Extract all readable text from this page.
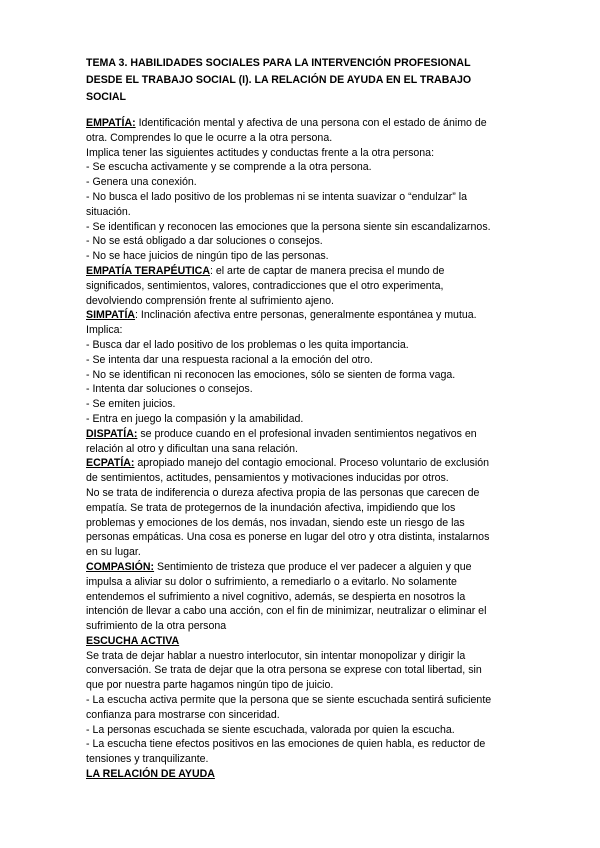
TEMA 3. HABILIDADES SOCIALES PARA LA INTERVENCIÓN PROFESIONAL
DESDE EL TRABAJO SOCIAL (I). LA RELACIÓN DE AYUDA EN EL TRABAJO
SOCIAL
EMPATÍA: Identificación mental y afectiva de una persona con el estado de ánimo de
otra. Comprendes lo que le ocurre a la otra persona.
Implica tener las siguientes actitudes y conductas frente a la otra persona:
- Se escucha activamente y se comprende a la otra persona.
- Genera una conexión.
- No busca el lado positivo de los problemas ni se intenta suavizar o “endulzar” la
situación.
- Se identifican y reconocen las emociones que la persona siente sin escandalizarnos.
- No se está obligado a dar soluciones o consejos.
- No se hace juicios de ningún tipo de las personas.
EMPATÍA TERAPÉUTICA: el arte de captar de manera precisa el mundo de
significados, sentimientos, valores, contradicciones que el otro experimenta,
devolviendo comprensión frente al sufrimiento ajeno.
SIMPATÍA: Inclinación afectiva entre personas, generalmente espontánea y mutua.
Implica:
- Busca dar el lado positivo de los problemas o les quita importancia.
- Se intenta dar una respuesta racional a la emoción del otro.
- No se identifican ni reconocen las emociones, sólo se sienten de forma vaga.
- Intenta dar soluciones o consejos.
- Se emiten juicios.
- Entra en juego la compasión y la amabilidad.
DISPATÍA: se produce cuando en el profesional invaden sentimientos negativos en
relación al otro y dificultan una sana relación.
ECPATÍA: apropiado manejo del contagio emocional. Proceso voluntario de exclusión
de sentimientos, actitudes, pensamientos y motivaciones inducidas por otros.
No se trata de indiferencia o dureza afectiva propia de las personas que carecen de
empatía. Se trata de protegernos de la inundación afectiva, impidiendo que los
problemas y emociones de los demás, nos invadan, siendo este un riesgo de las
personas empáticas. Una cosa es ponerse en lugar del otro y otra distinta, instalarnos
en su lugar.
COMPASIÓN: Sentimiento de tristeza que produce el ver padecer a alguien y que
impulsa a aliviar su dolor o sufrimiento, a remediarlo o a evitarlo. No solamente
entendemos el sufrimiento a nivel cognitivo, además, se despierta en nosotros la
intención de llevar a cabo una acción, con el fin de minimizar, neutralizar o eliminar el
sufrimiento de la otra persona
ESCUCHA ACTIVA
Se trata de dejar hablar a nuestro interlocutor, sin intentar monopolizar y dirigir la
conversación. Se trata de dejar que la otra persona se exprese con total libertad, sin
que por nuestra parte hagamos ningún tipo de juicio.
- La escucha activa permite que la persona que se siente escuchada sentirá suficiente
confianza para mostrarse con sinceridad.
- La personas escuchada se siente escuchada, valorada por quien la escucha.
- La escucha tiene efectos positivos en las emociones de quien habla, es reductor de
tensiones y tranquilizante.
LA RELACIÓN DE AYUDA
